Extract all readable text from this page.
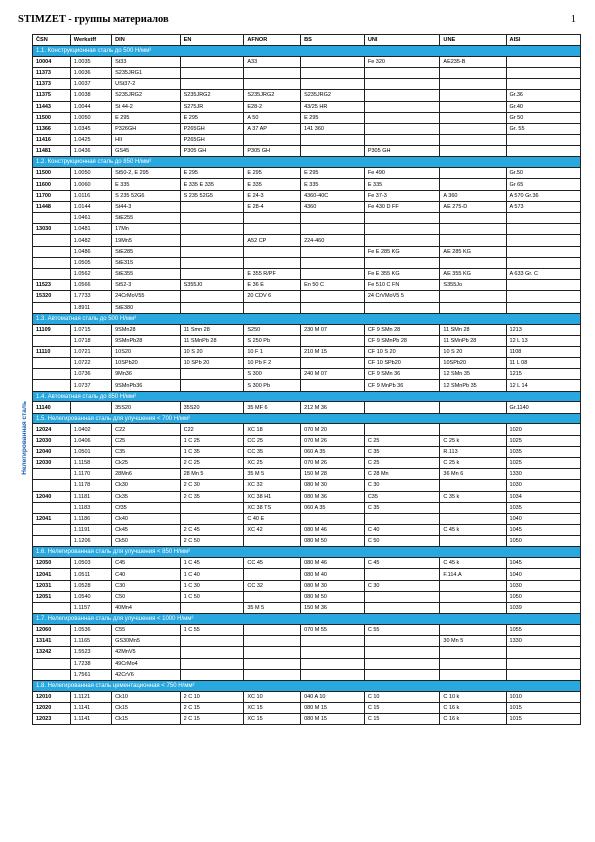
STIMZET - группы материалов	1
Нелегированная сталь
ČSN	Werkstff	DIN	EN	AFNOR	BS	UNI	UNE	AISI
1.1. Конструкционная сталь до 500 Н/мм²								
10004	1.0035	St33		A33		Fe 320	AE235-B	
11373	1.0036	S235JRG1						
11373	1.0037	USt37-2						
11375	1.0038	S235JRG2	S235JRG2	S235JRG2	S235JRG2			Gr.36
11443	1.0044	St 44-2	S275JR	E28-2	43/25 HR			Gr.40
11500	1.0050	E 295	E 295	A 50	E 295			Gr 50
11366	1.0345	P326GH	P265GH	A 37 AP	141 360			Gr. 55
11416	1.0425	HII	P265GH					
11481	1.0436	GS45	P305 GH	P305 GH		P305 GH		
1.2. Конструкционная сталь до 850 Н/мм²								
11500	1.0050	St50-2, E 295	E 295	E 295	E 295	Fe 490		Gr.50
11600	1.0060	E 335	E 335 E 335	E 335	E 335	E 335		Gr 65
11700	1.0116	S 235 52G6	S 235 52G5	E 24-3	4360-40C	Fe 37-3	A 360	A 570 Gr.36
11448	1.0144	St44-3		E 28-4	4360	Fe 430 D FF	AE 275-D	A 573
	1.0461	StE255						
13030	1.0481	17Mn						
	1.0482	19Mn5		A52 CP	224-460			
	1.0486	StE285				Fe E 285 KG	AE 285 KG	
	1.0505	StE315						
	1.0562	StE355		E 355 R/PF		Fe E 355 KG	AE 355 KG	A 633 Gr. C
11523	1.0566	St52-3	S355J0	E 36 E	En 50 C	Fe 510 C FN	S355Jo	
15320	1.7733	24CrMoV55		20 CDV 6		24 CrVMoV5 5		
	1.8911	StE380						
1.3. Автоматная сталь до 500 Н/мм²								
11109	1.0715	9SMn28	11 Smn 28	S250	230 M 07	CF 9 SMn 28	11 SMn 28	1213
	1.0718	9SMnPb28	11 SMnPb 28	S 250 Pb		CF 9 SMnPb 28	11 SMnPb 28	12 L 13
11110	1.0721	10S20	10 S 20	10 F 1	210 M 15	CF 10 S 20	10 S 20	1108
	1.0722	10SPb20	10 SPb 20	10 Pb F 2		CF 10 SPb20	10SPb20	11 L 08
	1.0736	9Mn36		S 300	240 M 07	CF 9 SMn 36	12 SMn 35	1215
	1.0737	9SMnPb36		S 300 Pb		CF 9 MnPb 36	12 SMnPb 35	12 L 14
1.4. Автоматная сталь до 850 Н/мм²								
11140		35S20	35S20	35 MF 6	212 M 36			Gr.1140
1.5. Нелегированная сталь для улучшения < 700 Н/мм²								
12024	1.0402	C22	C22	XC 18	070 M 20			1020
12030	1.0406	C25	1 C 25	CC 25	070 M 26	C 25	C 25 k	1025
12040	1.0501	C35	1 C 35	CC 35	060 A 35	C 35	R.113	1035
12030	1.1158	Ck25	2 C 25	XC 25	070 M 26	C 25	C 25 k	1025
	1.1170	28Mn6	28 Mn 5	35 M 5	150 M 28	C 28 Mn	36 Mn 6	1330
	1.1178	Ck30	2 C 30	XC 32	080 M 30	C 30		1030
12040	1.1181	Ck35	2 C 35	XC 38 H1	080 M 36	C35	C 35 k	1034
	1.1183	Cf35		XC 38 TS	060 A 35	C 35		1035
12041	1.1186	Ck40		C 40 E				1040
	1.1191	Ck45	2 C 45	XC 42	080 M 46	C 40	C 45 k	1045
	1.1206	Ck50	2 C 50		080 M 50	C 50		1050
1.6. Нелегированная сталь для улучшения < 850 Н/мм²								
12050	1.0503	C45	1 C 45	CC 45	080 M 46	C 45	C 45 k	1045
12041	1.0511	C40	1 C 40		080 M 40		F.114.A	1040
12031	1.0528	C30	1 C 30	CC 32	080 M 30	C 30		1030
12051	1.0540	C50	1 C 50		080 M 50			1050
	1.1157	40Mn4		35 M 5	150 M 36			1039
1.7. Нелегированная сталь для улучшения < 1000 Н/мм²								
12060	1.0536	C55	1 C 55		070 M 55	C 55		1055
13141	1.1165	GS30Mn5					30 Mn 5	1330
13242	1.5523	42MnV5						
	1.7238	49CrMo4						
	1.7561	42CrV6						
1.8. Нелегированная сталь цементационная < 750 Н/мм²								
12010	1.1121	Ck10	2 C 10	XC 10	040 A 10	C 10	C 10 k	1010
12020	1.1141	Ck15	2 C 15	XC 15	080 M 15	C 15	C 16 k	1015
12023	1.1141	Ck15	2 C 15	XC 15	080 M 15	C 15	C 16 k	1015
